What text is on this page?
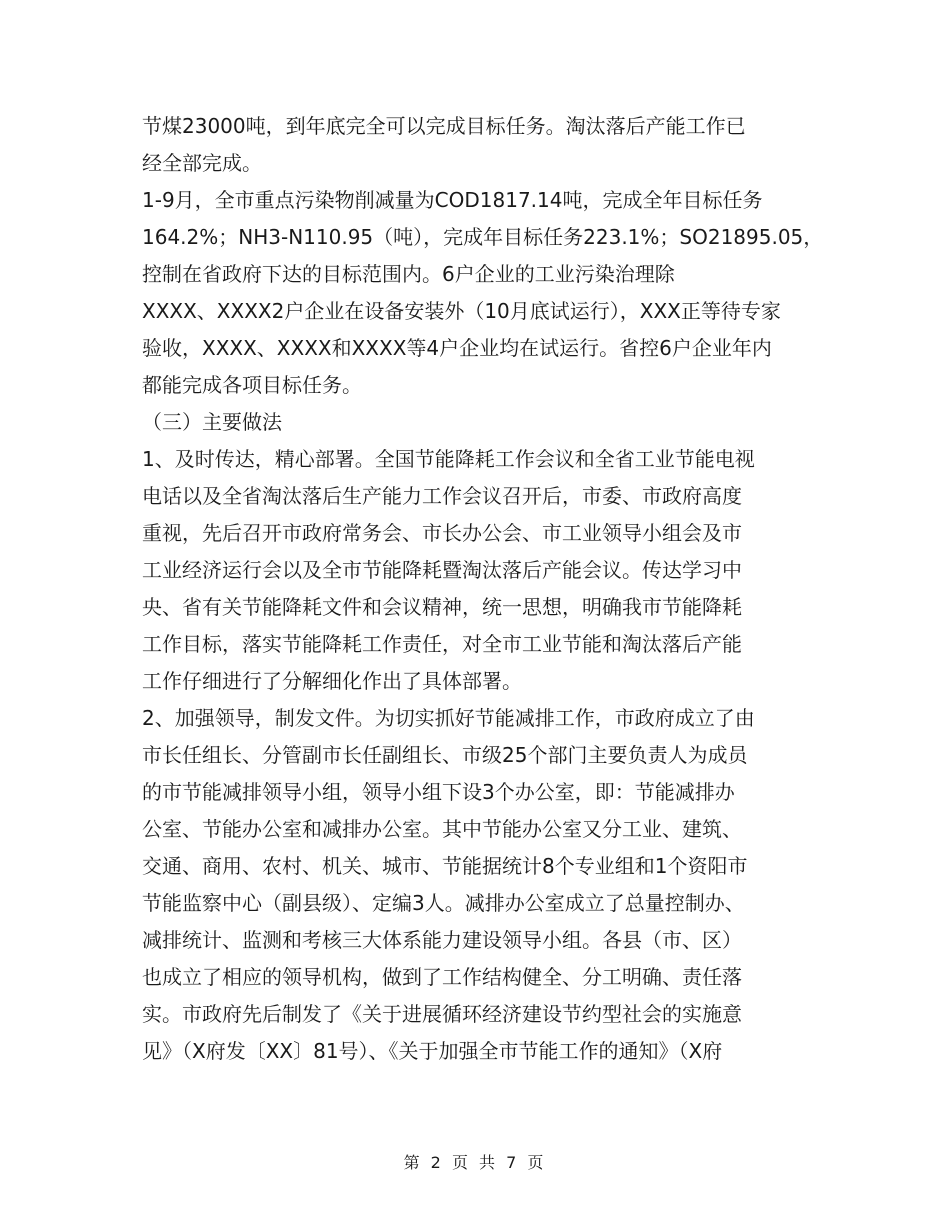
节煤23000吨，到年底完全可以完成目标任务。淘汰落后产能工作已
经全部完成。
1-9月，全市重点污染物削减量为COD1817.14吨，完成全年目标任务
164.2%；NH3-N110.95（吨），完成年目标任务223.1%；SO21895.05，
控制在省政府下达的目标范围内。6户企业的工业污染治理除
XXXX、XXXX2户企业在设备安装外（10月底试运行），XXX正等待专家
验收，XXXX、XXXX和XXXX等4户企业均在试运行。省控6户企业年内
都能完成各项目标任务。
（三）主要做法
1、及时传达，精心部署。全国节能降耗工作会议和全省工业节能电视
电话以及全省淘汰落后生产能力工作会议召开后，市委、市政府高度
重视，先后召开市政府常务会、市长办公会、市工业领导小组会及市
工业经济运行会以及全市节能降耗暨淘汰落后产能会议。传达学习中
央、省有关节能降耗文件和会议精神，统一思想，明确我市节能降耗
工作目标，落实节能降耗工作责任，对全市工业节能和淘汰落后产能
工作仔细进行了分解细化作出了具体部署。
2、加强领导，制发文件。为切实抓好节能减排工作，市政府成立了由
市长任组长、分管副市长任副组长、市级25个部门主要负责人为成员
的市节能减排领导小组，领导小组下设3个办公室，即：节能减排办
公室、节能办公室和减排办公室。其中节能办公室又分工业、建筑、
交通、商用、农村、机关、城市、节能据统计8个专业组和1个资阳市
节能监察中心（副县级）、定编3人。减排办公室成立了总量控制办、
减排统计、监测和考核三大体系能力建设领导小组。各县（市、区）
也成立了相应的领导机构，做到了工作结构健全、分工明确、责任落
实。市政府先后制发了《关于进展循环经济建设节约型社会的实施意
见》（X府发〔XX〕81号）、《关于加强全市节能工作的通知》（X府
第 2 页 共 7 页
